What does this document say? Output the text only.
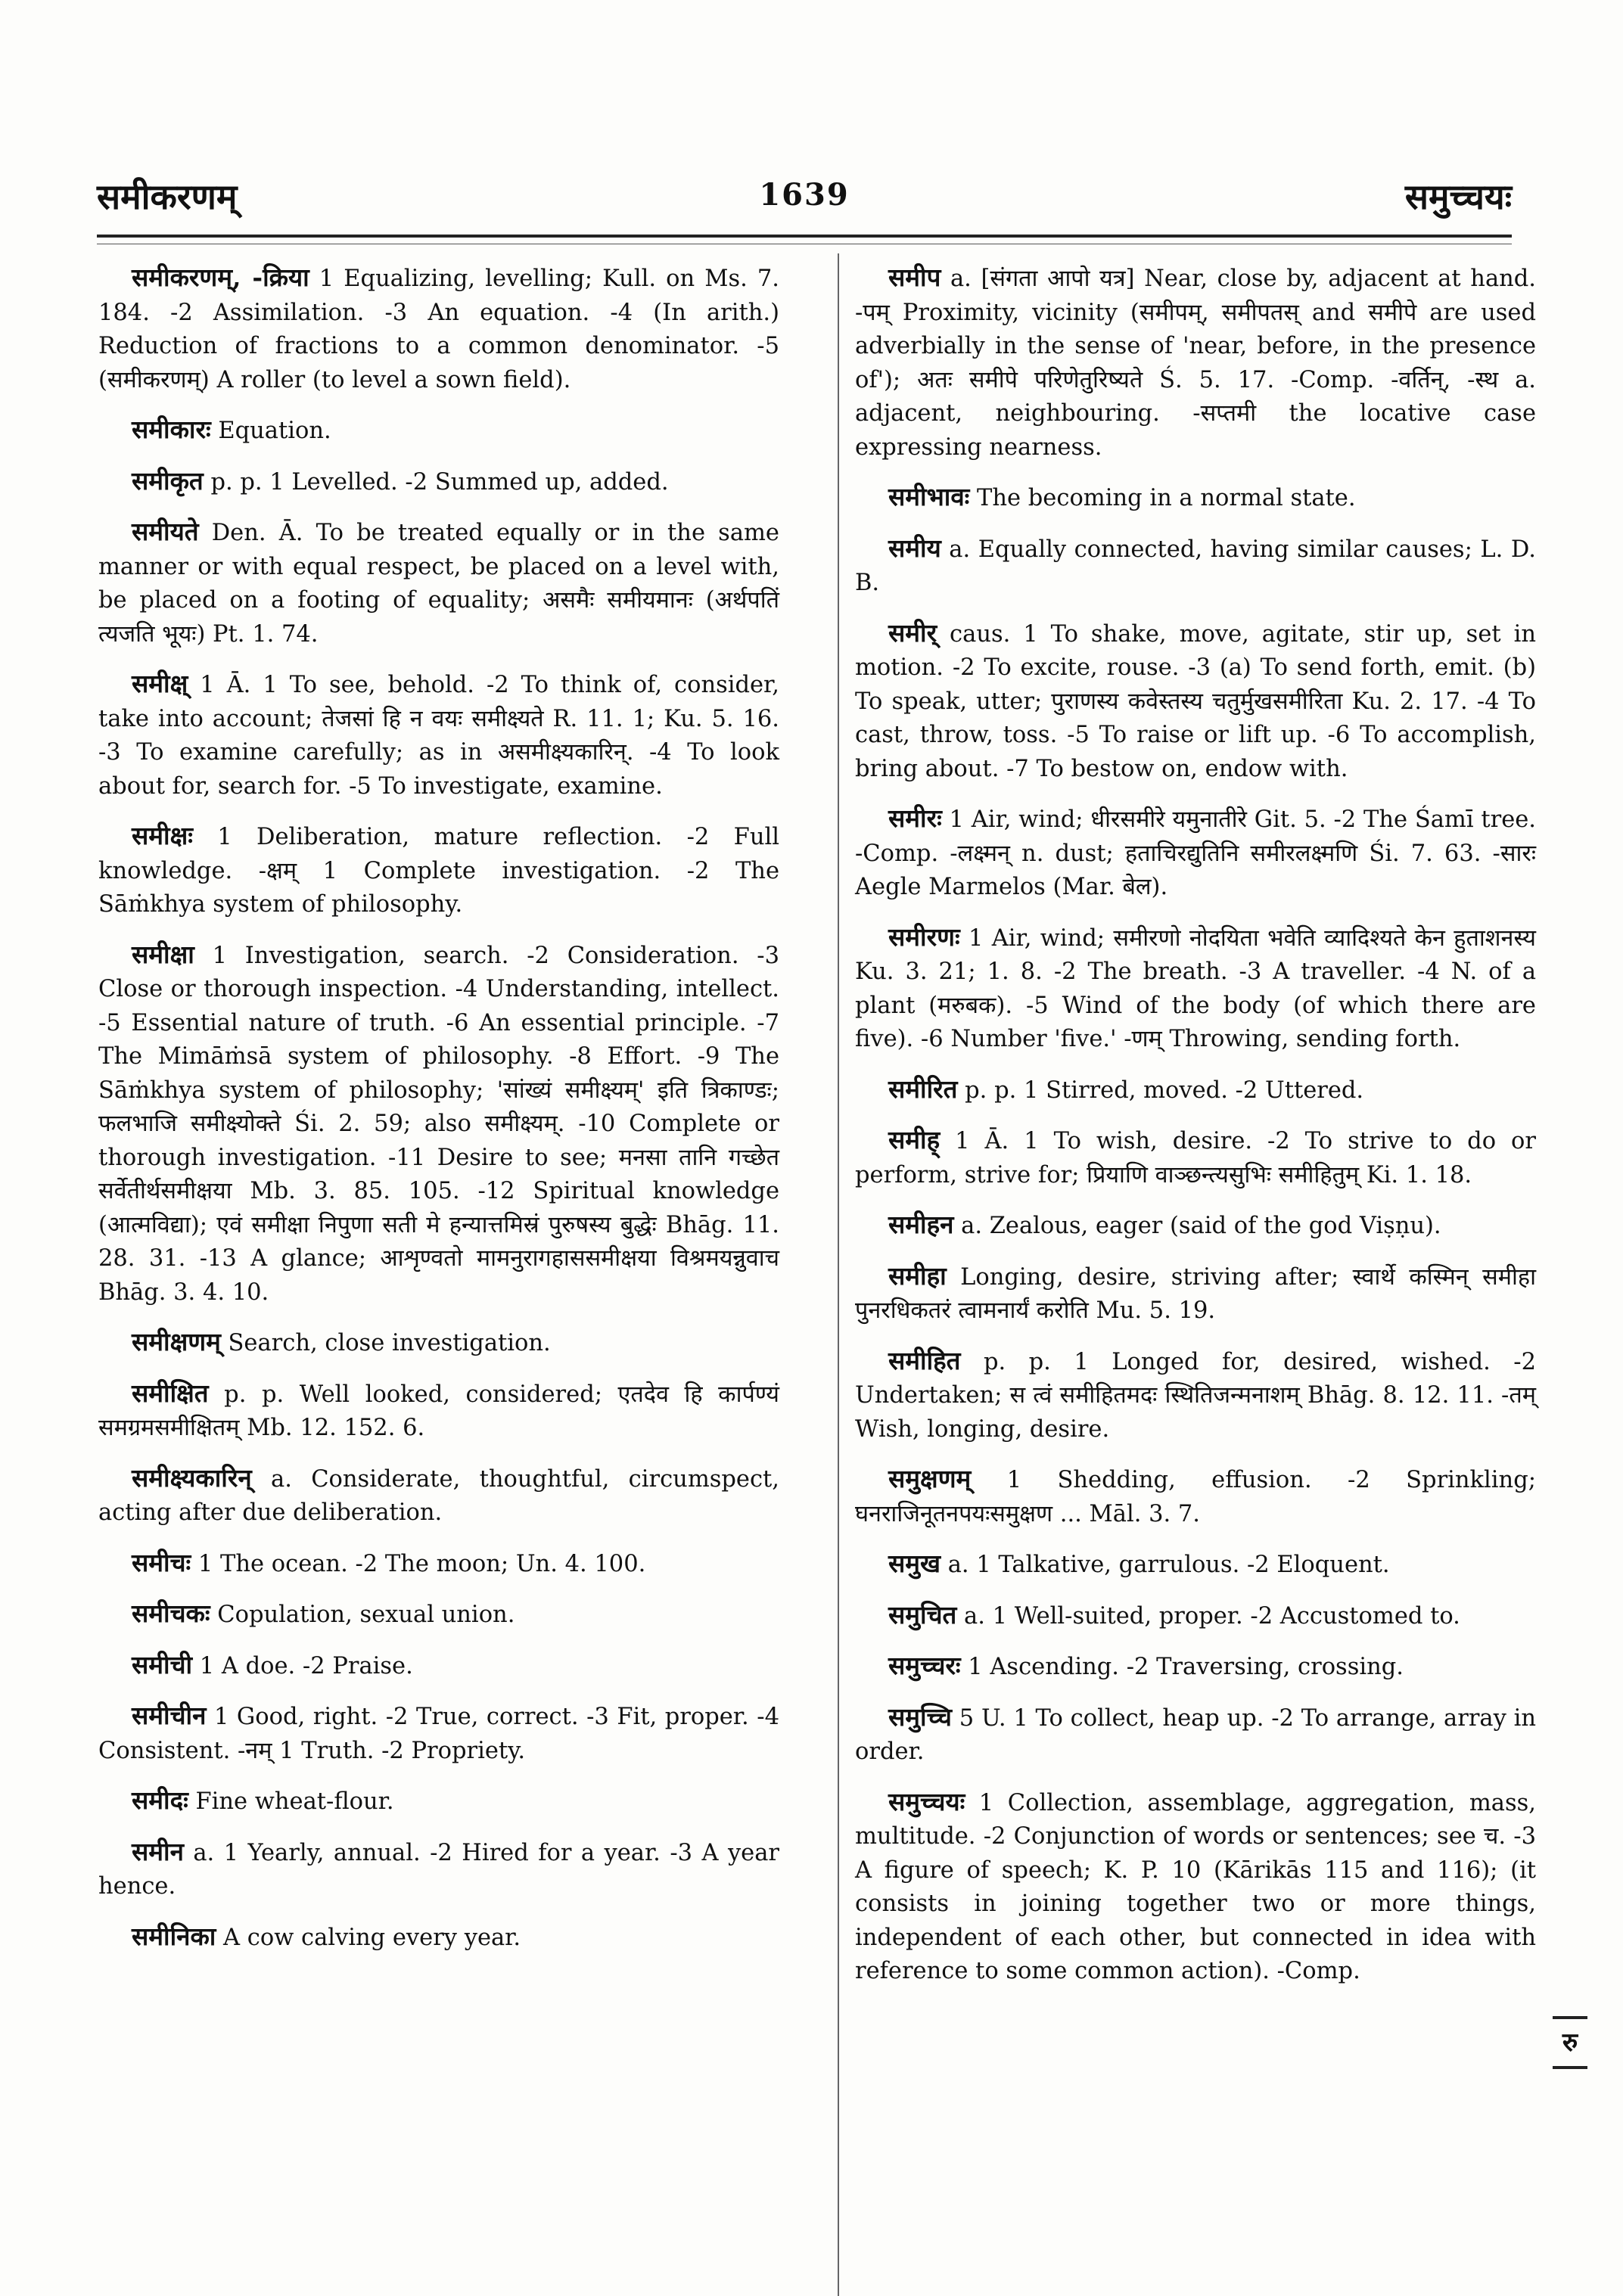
समीकरणम्	1639	समुच्चयः

समीकरणम्, -क्रिया 1 Equalizing, levelling; Kull. on Ms. 7. 184. -2 Assimilation. -3 An equation. -4 (In arith.) Reduction of fractions to a common denominator. -5 (समीकरणम्) A roller (to level a sown field).

समीकारः Equation.

समीकृत p. p. 1 Levelled. -2 Summed up, added.

समीयते Den. Ā. To be treated equally or in the same manner or with equal respect, be placed on a level with, be placed on a footing of equality; असमैः समीयमानः (अर्थपतिं त्यजति भूयः) Pt. 1. 74.

समीक्ष् 1 Ā. 1 To see, behold. -2 To think of, consider, take into account; तेजसां हि न वयः समीक्ष्यते R. 11. 1; Ku. 5. 16. -3 To examine carefully; as in असमीक्ष्यकारिन्. -4 To look about for, search for. -5 To investigate, examine.

समीक्षः 1 Deliberation, mature reflection. -2 Full knowledge. -क्षम् 1 Complete investigation. -2 The Sāṁkhya system of philosophy.

समीक्षा 1 Investigation, search. -2 Consideration. -3 Close or thorough inspection. -4 Understanding, intellect. -5 Essential nature of truth. -6 An essential principle. -7 The Mimāṁsā system of philosophy. -8 Effort. -9 The Sāṁkhya system of philosophy; 'सांख्यं समीक्ष्यम्' इति त्रिकाण्डः; फलभाजि समीक्ष्योक्ते Śi. 2. 59; also समीक्ष्यम्. -10 Complete or thorough investigation. -11 Desire to see; मनसा तानि गच्छेत सर्वेतीर्थसमीक्षया Mb. 3. 85. 105. -12 Spiritual knowledge (आत्मविद्या); एवं समीक्षा निपुणा सती मे हन्यात्तमिस्रं पुरुषस्य बुद्धेः Bhāg. 11. 28. 31. -13 A glance; आशृण्वतो मामनुरागहाससमीक्षया विश्रमयन्नुवाच Bhāg. 3. 4. 10.

समीक्षणम् Search, close investigation.

समीक्षित p. p. Well looked, considered; एतदेव हि कार्पण्यं समग्रमसमीक्षितम् Mb. 12. 152. 6.

समीक्ष्यकारिन् a. Considerate, thoughtful, circumspect, acting after due deliberation.

समीचः 1 The ocean. -2 The moon; Un. 4. 100.

समीचकः Copulation, sexual union.

समीची 1 A doe. -2 Praise.

समीचीन 1 Good, right. -2 True, correct. -3 Fit, proper. -4 Consistent. -नम् 1 Truth. -2 Propriety.

समीदः Fine wheat-flour.

समीन a. 1 Yearly, annual. -2 Hired for a year. -3 A year hence.

समीनिका A cow calving every year.

समीप a. [संगता आपो यत्र] Near, close by, adjacent at hand. -पम् Proximity, vicinity (समीपम्, समीपतस् and समीपे are used adverbially in the sense of 'near, before, in the presence of'); अतः समीपे परिणेतुरिष्यते Ś. 5. 17. -Comp. -वर्तिन्, -स्थ a. adjacent, neighbouring. -सप्तमी the locative case expressing nearness.

समीभावः The becoming in a normal state.

समीय a. Equally connected, having similar causes; L. D. B.

समीर् caus. 1 To shake, move, agitate, stir up, set in motion. -2 To excite, rouse. -3 (a) To send forth, emit. (b) To speak, utter; पुराणस्य कवेस्तस्य चतुर्मुखसमीरिता Ku. 2. 17. -4 To cast, throw, toss. -5 To raise or lift up. -6 To accomplish, bring about. -7 To bestow on, endow with.

समीरः 1 Air, wind; धीरसमीरे यमुनातीरे Git. 5. -2 The Śamī tree. -Comp. -लक्ष्मन् n. dust; हताचिरद्युतिनि समीरलक्ष्मणि Śi. 7. 63. -सारः Aegle Marmelos (Mar. बेल).

समीरणः 1 Air, wind; समीरणो नोदयिता भवेति व्यादिश्यते केन हुताशनस्य Ku. 3. 21; 1. 8. -2 The breath. -3 A traveller. -4 N. of a plant (मरुबक). -5 Wind of the body (of which there are five). -6 Number 'five.' -णम् Throwing, sending forth.

समीरित p. p. 1 Stirred, moved. -2 Uttered.

समीह् 1 Ā. 1 To wish, desire. -2 To strive to do or perform, strive for; प्रियाणि वाञ्छन्त्यसुभिः समीहितुम् Ki. 1. 18.

समीहन a. Zealous, eager (said of the god Viṣṇu).

समीहा Longing, desire, striving after; स्वार्थे कस्मिन् समीहा पुनरधिकतरं त्वामनार्यं करोति Mu. 5. 19.

समीहित p. p. 1 Longed for, desired, wished. -2 Undertaken; स त्वं समीहितमदः स्थितिजन्मनाशम् Bhāg. 8. 12. 11. -तम् Wish, longing, desire.

समुक्षणम् 1 Shedding, effusion. -2 Sprinkling; घनराजिनूतनपयःसमुक्षण ... Māl. 3. 7.

समुख a. 1 Talkative, garrulous. -2 Eloquent.

समुचित a. 1 Well-suited, proper. -2 Accustomed to.

समुच्चरः 1 Ascending. -2 Traversing, crossing.

समुच्चि 5 U. 1 To collect, heap up. -2 To arrange, array in order.

समुच्चयः 1 Collection, assemblage, aggregation, mass, multitude. -2 Conjunction of words or sentences; see च. -3 A figure of speech; K. P. 10 (Kārikās 115 and 116); (it consists in joining together two or more things, independent of each other, but connected in idea with reference to some common action). -Comp.

रु
